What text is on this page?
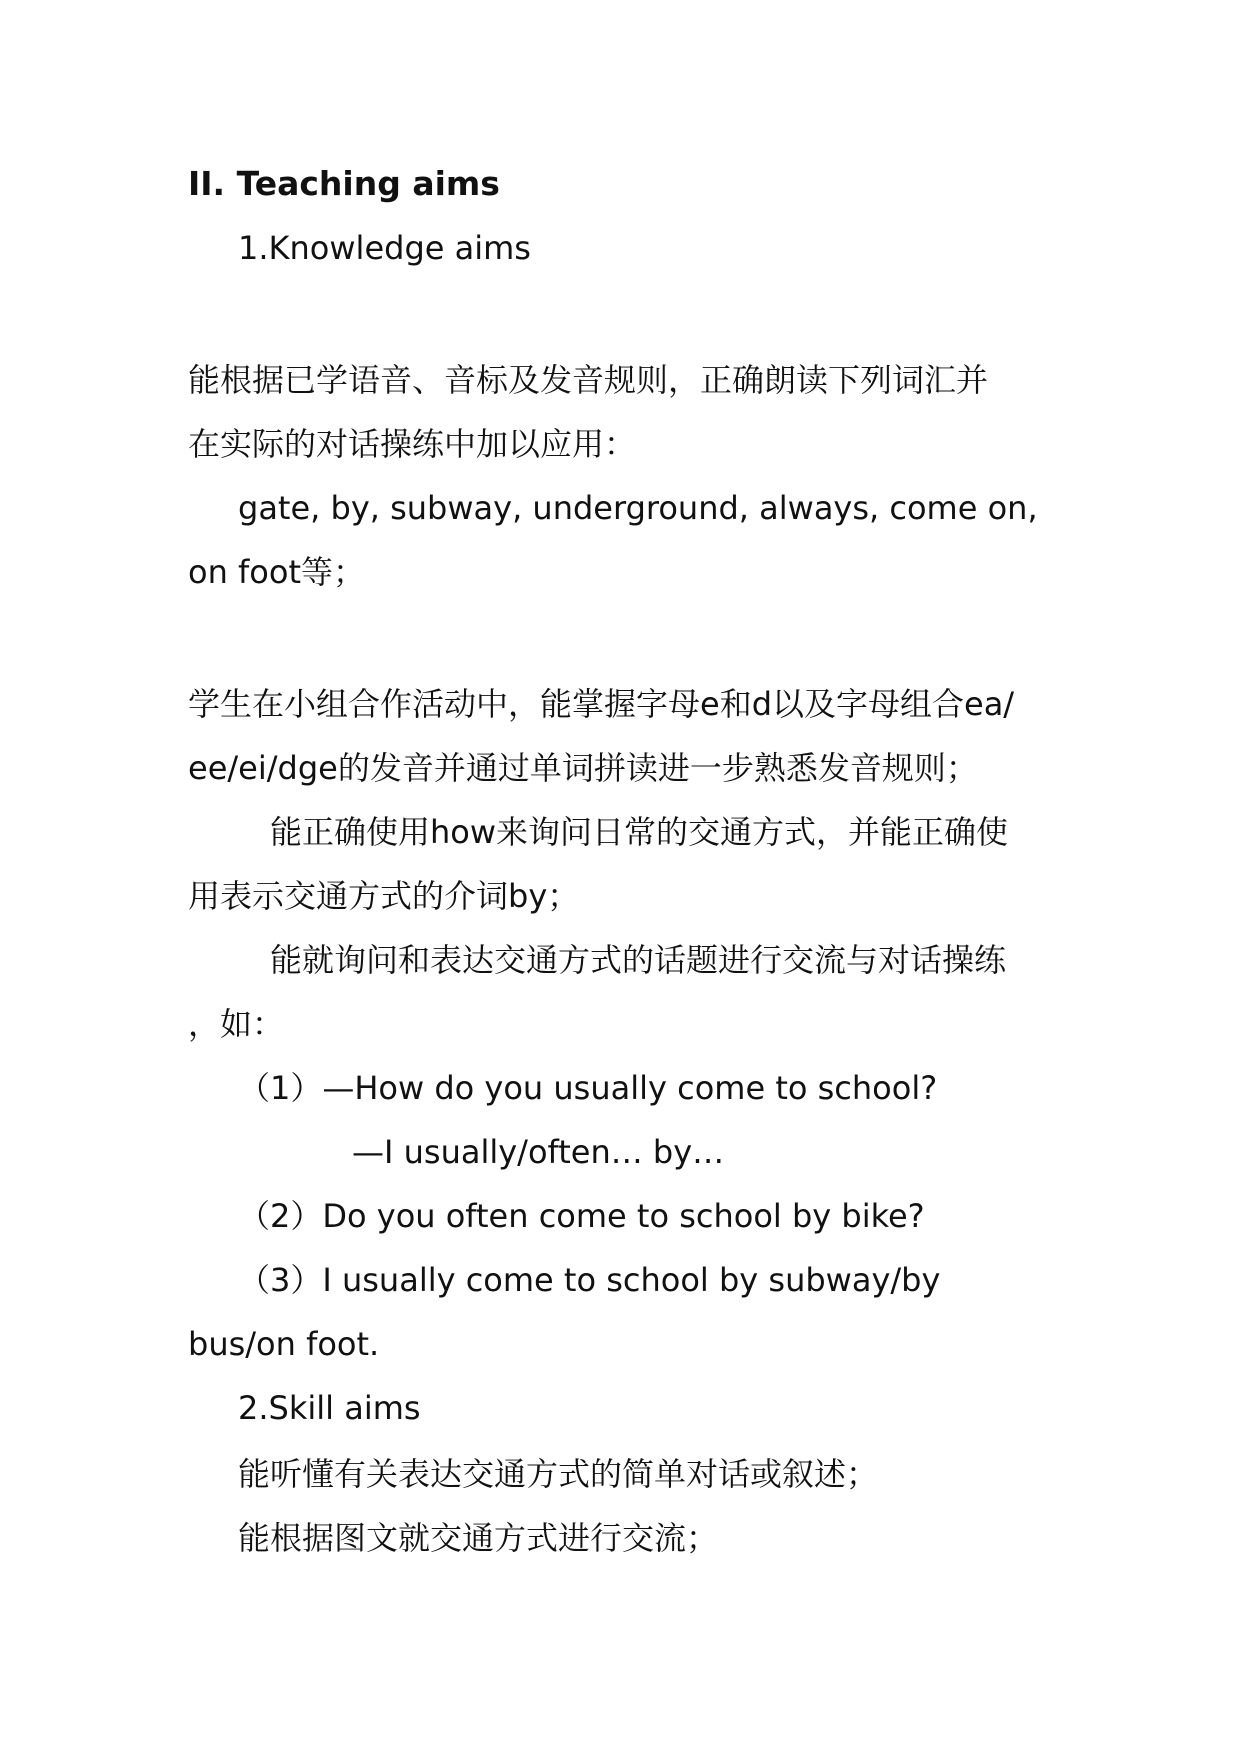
II. Teaching aims
1.Knowledge aims
能根据已学语音、音标及发音规则，正确朗读下列词汇并
在实际的对话操练中加以应用：
gate, by, subway, underground, always, come on,
on foot等；
学生在小组合作活动中，能掌握字母e和d以及字母组合ea/
ee/ei/dge的发音并通过单词拼读进一步熟悉发音规则；
能正确使用how来询问日常的交通方式，并能正确使
用表示交通方式的介词by；
能就询问和表达交通方式的话题进行交流与对话操练
，如：
（1）—How do you usually come to school?
—I usually/often… by…
（2）Do you often come to school by bike?
（3）I usually come to school by subway/by
bus/on foot.
2.Skill aims
能听懂有关表达交通方式的简单对话或叙述；
能根据图文就交通方式进行交流；
